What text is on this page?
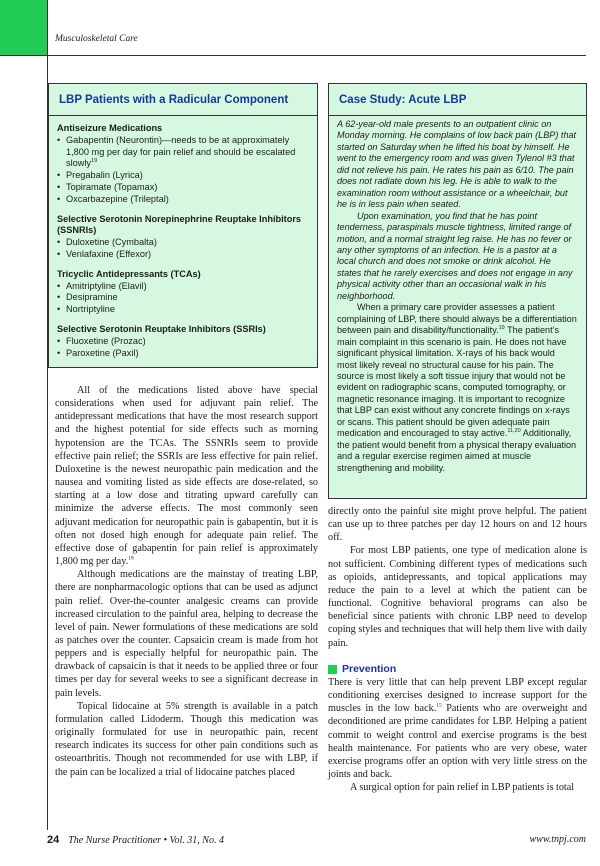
Musculoskeletal Care
LBP Patients with a Radicular Component
Antiseizure Medications
• Gabapentin (Neurontin)—needs to be at approximately 1,800 mg per day for pain relief and should be escalated slowly$^{19}$
• Pregabalin (Lyrica)
• Topiramate (Topamax)
• Oxcarbazepine (Trileptal)
Selective Serotonin Norepinephrine Reuptake Inhibitors (SSNRIs)
• Duloxetine (Cymbalta)
• Venlafaxine (Effexor)
Tricyclic Antidepressants (TCAs)
• Amitriptyline (Elavil)
• Desipramine
• Nortriptyline
Selective Serotonin Reuptake Inhibitors (SSRIs)
• Fluoxetine (Prozac)
• Paroxetine (Paxil)
Case Study: Acute LBP
A 62-year-old male presents to an outpatient clinic on Monday morning. He complains of low back pain (LBP) that started on Saturday when he lifted his boat by himself. He went to the emergency room and was given Tylenol #3 that did not relieve his pain. He rates his pain as 6/10. The pain does not radiate down his leg. He is able to walk to the examination room without assistance or a wheelchair, but he is in less pain when seated.
Upon examination, you find that he has point tenderness, paraspinals muscle tightness, limited range of motion, and a normal straight leg raise. He has no fever or any other symptoms of an infection. He is a pastor at a local church and does not smoke or drink alcohol. He states that he rarely exercises and does not engage in any physical activity other than an occasional walk in his neighborhood.
When a primary care provider assesses a patient complaining of LBP, there should always be a differentiation between pain and disability/functionality.$^{19}$ The patient’s main complaint in this scenario is pain. He does not have significant physical limitation. X-rays of his back would most likely reveal no structural cause for his pain. The source is most likely a soft tissue injury that would not be evident on radiographic scans, computed tomography, or magnetic resonance imaging. It is important to recognize that LBP can exist without any concrete findings on x-rays or scans. This patient should be given adequate pain medication and encouraged to stay active.$^{11,20}$ Additionally, the patient would benefit from a physical therapy evaluation and a regular exercise regimen aimed at muscle strengthening and mobility.

All of the medications listed above have special considerations when used for adjuvant pain relief. The antidepressant medications that have the most research support and the highest potential for side effects such as morning hypotension are the TCAs. The SSNRIs seem to provide effective pain relief; the SSRIs are less effective for pain relief. Duloxetine is the newest neuropathic pain medication and the nausea and vomiting listed as side effects are dose-related, so starting at a low dose and titrating upward carefully can minimize the adverse effects. The most commonly seen adjuvant medication for neuropathic pain is gabapentin, but it is often not dosed high enough for adequate pain relief. The effective dose of gabapentin for pain relief is approximately 1,800 mg per day.$^{18}$

Although medications are the mainstay of treating LBP, there are nonpharmacologic options that can be used as adjunct pain relief. Over-the-counter analgesic creams can provide increased circulation to the painful area, helping to decrease the level of pain. Newer formulations of these medications are sold as patches over the counter. Capsaicin cream is made from hot peppers and is especially helpful for neuropathic pain. The drawback of capsaicin is that it needs to be applied three or four times per day for several weeks to see a significant decrease in pain levels.

Topical lidocaine at 5% strength is available in a patch formulation called Lidoderm. Though this medication was originally formulated for use in neuropathic pain, recent research indicates its success for other pain conditions such as osteoarthritis. Though not recommended for use with LBP, if the pain can be localized a trial of lidocaine patches placed

directly onto the painful site might prove helpful. The patient can use up to three patches per day 12 hours on and 12 hours off.

For most LBP patients, one type of medication alone is not sufficient. Combining different types of medications such as opioids, antidepressants, and topical applications may reduce the pain to a level at which the patient can be functional. Cognitive behavioral programs can also be beneficial since patients with chronic LBP need to develop coping styles and techniques that will help them live with daily pain.

Prevention

There is very little that can help prevent LBP except regular conditioning exercises designed to increase support for the muscles in the low back.$^{15}$ Patients who are overweight and deconditioned are prime candidates for LBP. Helping a patient commit to weight control and exercise programs is the best health maintenance. For patients who are very obese, water exercise programs offer an option with very little stress on the joints and back.

A surgical option for pain relief in LBP patients is total

24 The Nurse Practitioner • Vol. 31, No. 4	www.tnpj.com
